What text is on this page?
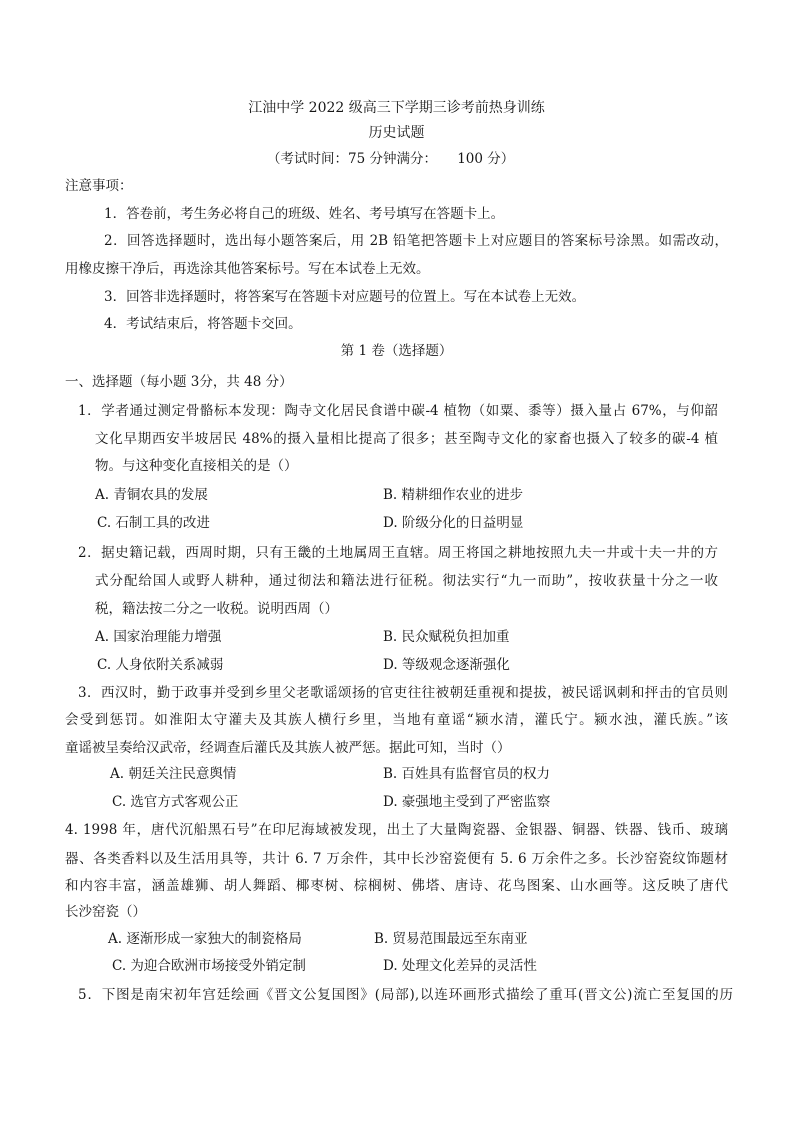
江油中学 2022 级高三下学期三诊考前热身训练
历史试题
（考试时间：75 分钟满分：　　100 分）
注意事项：
1．答卷前，考生务必将自己的班级、姓名、考号填写在答题卡上。
2．回答选择题时，选出每小题答案后，用 2B 铅笔把答题卡上对应题目的答案标号涂黑。如需改动，
用橡皮擦干净后，再选涂其他答案标号。写在本试卷上无效。
3．回答非选择题时，将答案写在答题卡对应题号的位置上。写在本试卷上无效。
4．考试结束后，将答题卡交回。
第 1 卷（选择题）
一、选择题（每小题 3分，共 48 分）
1．学者通过测定骨骼标本发现：陶寺文化居民食谱中碳-4 植物（如粟、黍等）摄入量占 67%，与仰韶
文化早期西安半坡居民 48%的摄入量相比提高了很多；甚至陶寺文化的家畜也摄入了较多的碳-4 植
物。与这种变化直接相关的是（）
A. 青铜农具的发展	B. 精耕细作农业的进步
C. 石制工具的改进	D. 阶级分化的日益明显
2．据史籍记载，西周时期，只有王畿的土地属周王直辖。周王将国之耕地按照九夫一井或十夫一井的方
式分配给国人或野人耕种，通过彻法和籍法进行征税。彻法实行“九一而助”，按收获量十分之一收
税，籍法按二分之一收税。说明西周（）
A. 国家治理能力增强	B. 民众赋税负担加重
C. 人身依附关系减弱	D. 等级观念逐渐强化
3．西汉时，勤于政事并受到乡里父老歌谣颂扬的官吏往往被朝廷重视和提拔，被民谣讽刺和抨击的官员则
会受到惩罚。如淮阳太守灌夫及其族人横行乡里，当地有童谣“颍水清，灌氏宁。颍水浊，灌氏族。”该
童谣被呈奏给汉武帝，经调查后灌氏及其族人被严惩。据此可知，当时（）
A. 朝廷关注民意舆情	B. 百姓具有监督官员的权力
C. 选官方式客观公正	D. 豪强地主受到了严密监察
4. 1998 年，唐代沉船黑石号”在印尼海域被发现，出土了大量陶瓷器、金银器、铜器、铁器、钱币、玻璃
器、各类香料以及生活用具等，共计 6. 7 万余件，其中长沙窑瓷便有 5. 6 万余件之多。长沙窑瓷纹饰题材
和内容丰富，涵盖雄狮、胡人舞蹈、椰枣树、棕榈树、佛塔、唐诗、花鸟图案、山水画等。这反映了唐代
长沙窑瓷（）
A. 逐渐形成一家独大的制瓷格局	B. 贸易范围最远至东南亚
C. 为迎合欧洲市场接受外销定制	D. 处理文化差异的灵活性
5．下图是南宋初年宫廷绘画《晋文公复国图》(局部),以连环画形式描绘了重耳(晋文公)流亡至复国的历
